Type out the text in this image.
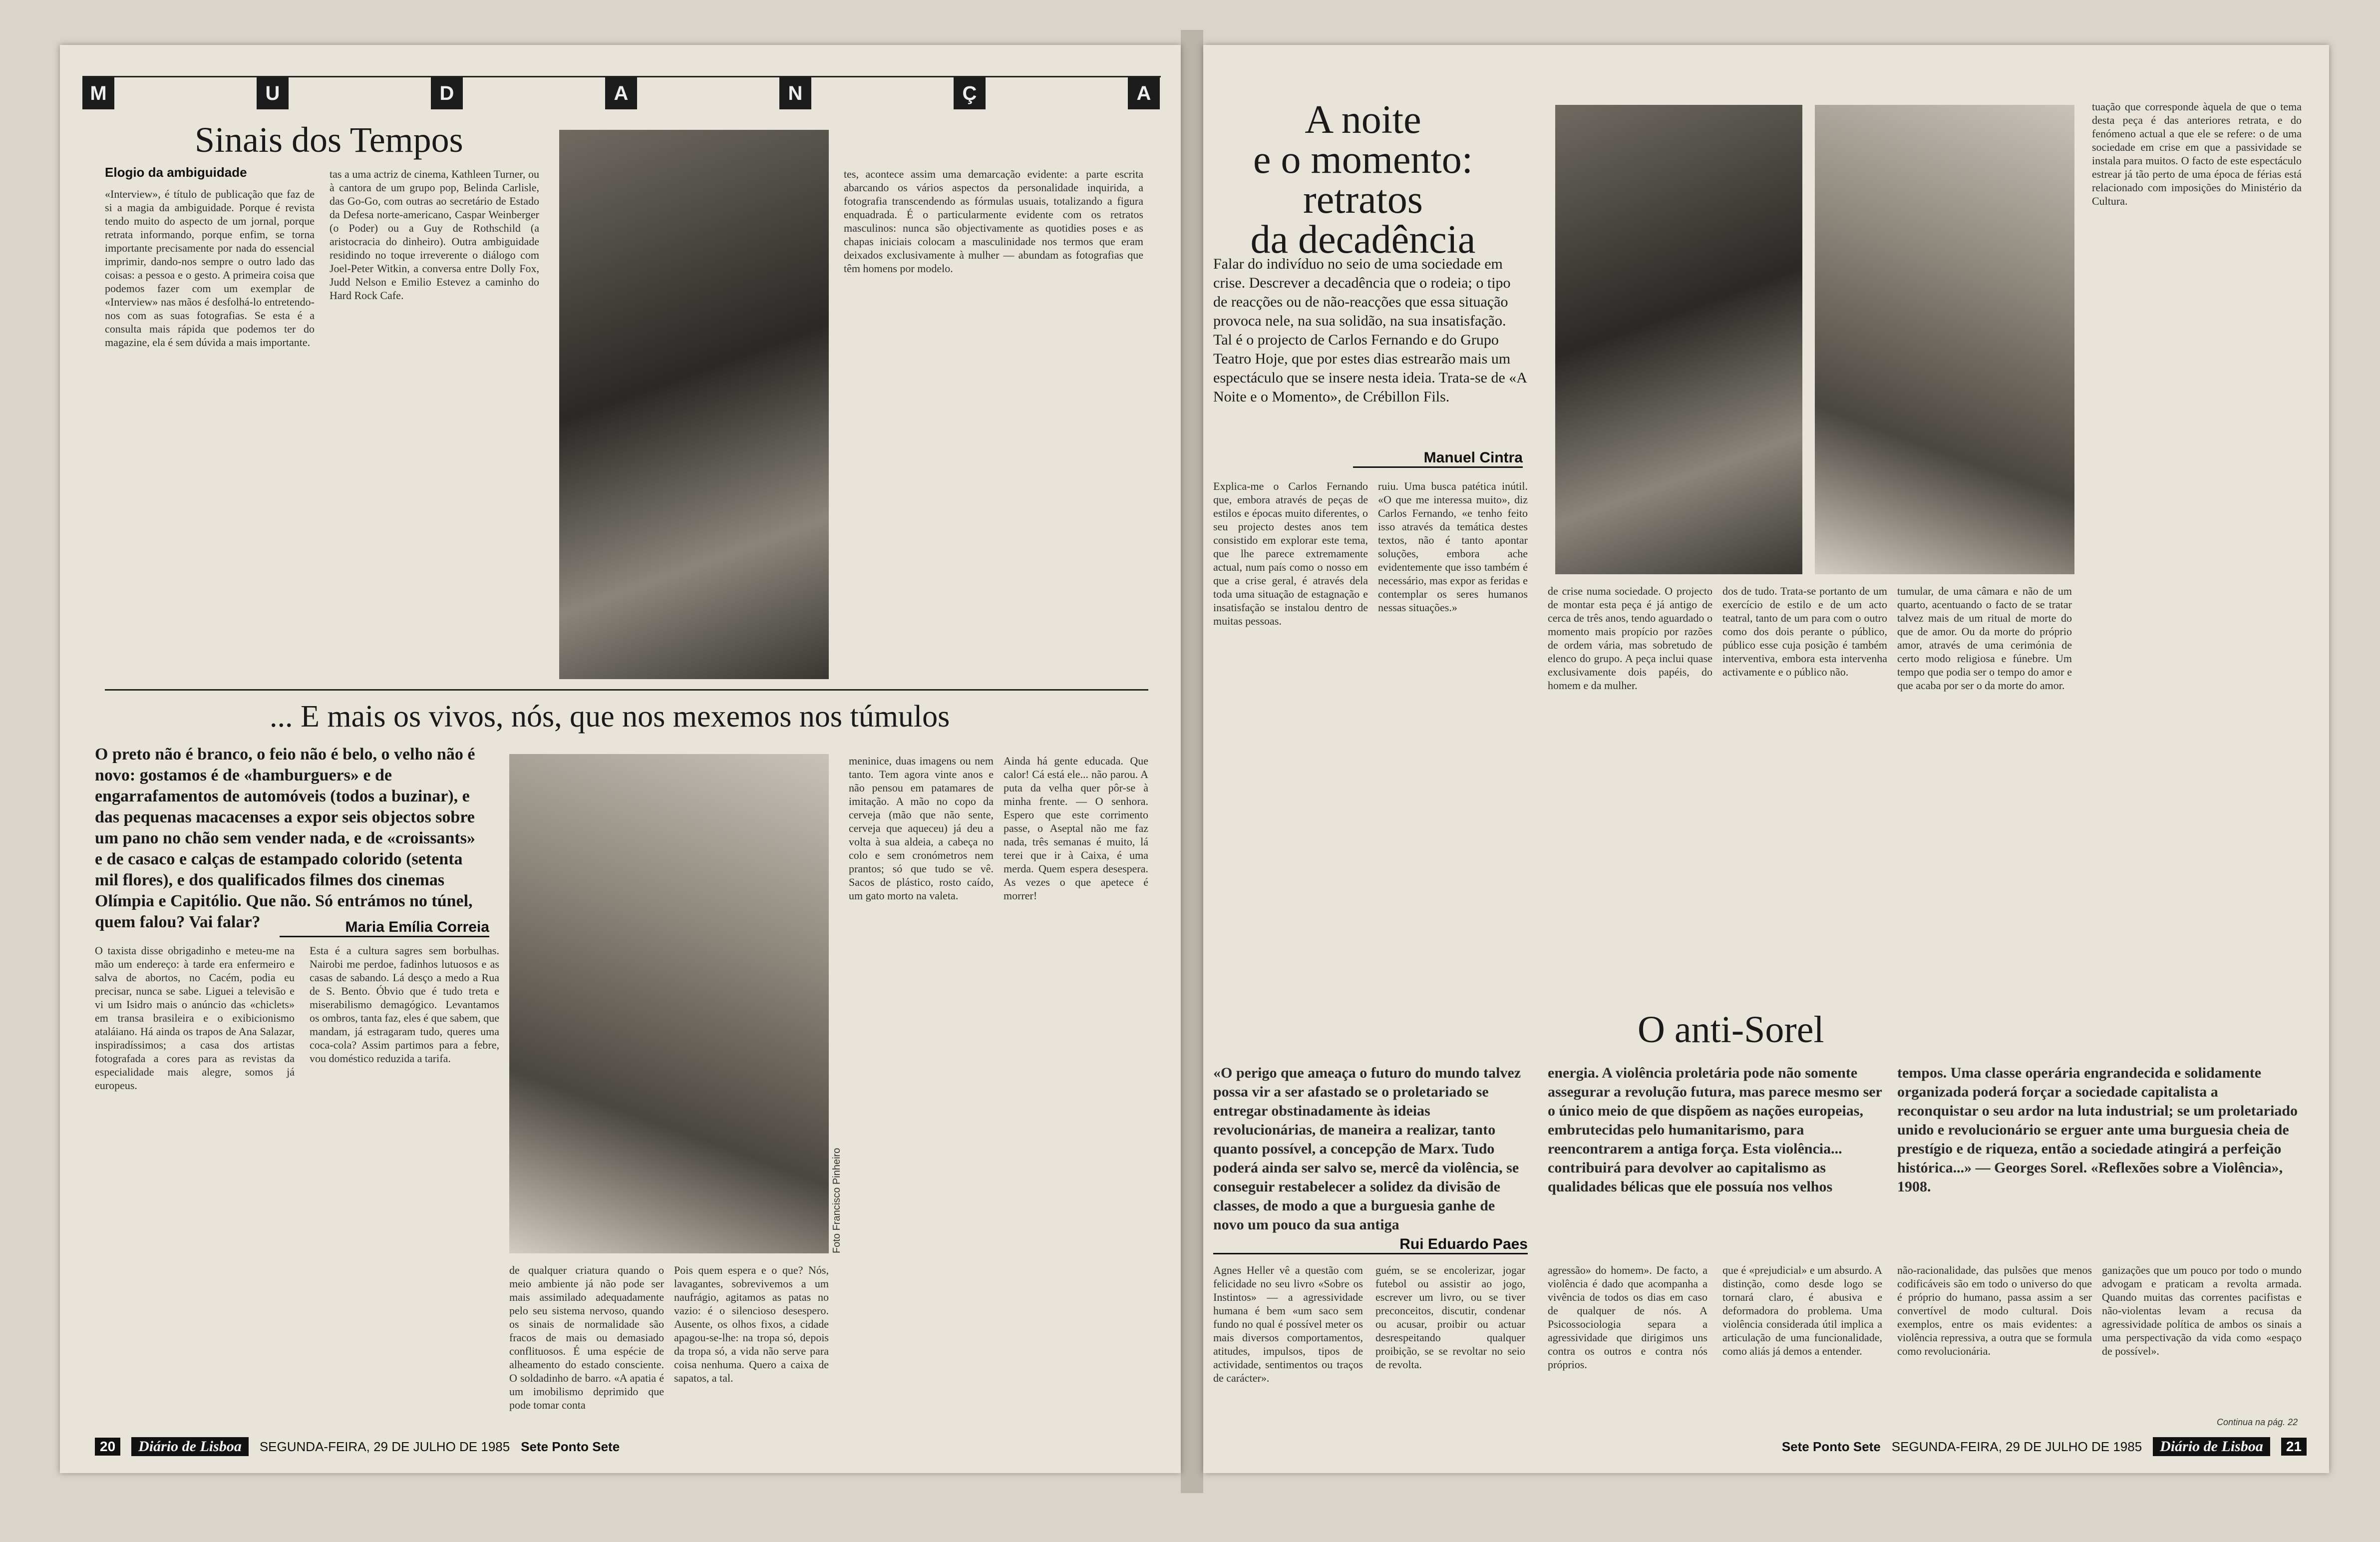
M	U	D	A	N	Ç	A
Sinais dos Tempos
Elogio da ambiguidade
«Interview», é título de publicação que faz de si a magia da ambiguidade. Porque é revista tendo muito do aspecto de um jornal, porque retrata informando, porque enfim, se torna importante precisamente por nada do essencial imprimir, dando-nos sempre o outro lado das coisas: a pessoa e o gesto. A primeira coisa que podemos fazer com um exemplar de «Interview» nas mãos é desfolhá-lo entretendo-nos com as suas fotografias. Se esta é a consulta mais rápida que podemos ter do magazine, ela é sem dúvida a mais importante.
tas a uma actriz de cinema, Kathleen Turner, ou à cantora de um grupo pop, Belinda Carlisle, das Go-Go, com outras ao secretário de Estado da Defesa norte-americano, Caspar Weinberger (o Poder) ou a Guy de Rothschild (a aristocracia do dinheiro). Outra ambiguidade residindo no toque irreverente o diálogo com Joel-Peter Witkin, a conversa entre Dolly Fox, Judd Nelson e Emilio Estevez a caminho do Hard Rock Cafe.
tes, acontece assim uma demarcação evidente: a parte escrita abarcando os vários aspectos da personalidade inquirida, a fotografia transcendendo as fórmulas usuais, totalizando a figura enquadrada. É o particularmente evidente com os retratos masculinos: nunca são objectivamente as quotidies poses e as chapas iniciais colocam a masculinidade nos termos que eram deixados exclusivamente à mulher — abundam as fotografias que têm homens por modelo.
... E mais os vivos, nós, que nos mexemos nos túmulos
O preto não é branco, o feio não é belo, o velho não é novo: gostamos é de «hamburguers» e de engarrafamentos de automóveis (todos a buzinar), e das pequenas macacenses a expor seis objectos sobre um pano no chão sem vender nada, e de «croissants» e de casaco e calças de estampado colorido (setenta mil flores), e dos qualificados filmes dos cinemas Olímpia e Capitólio. Que não. Só entrámos no túnel, quem falou? Vai falar?	Maria Emília Correia
O taxista disse obrigadinho e meteu-me na mão um endereço: à tarde era enfermeiro e salva de abortos, no Cacém, podia eu precisar, nunca se sabe. Liguei a televisão e vi um Isidro mais o anúncio das «chiclets» em transa brasileira e o exibicionismo ataláiano. Há ainda os trapos de Ana Salazar, inspiradíssimos; a casa dos artistas fotografada a cores para as revistas da especialidade mais alegre, somos já europeus.
Esta é a cultura sagres sem borbulhas. Nairobi me perdoe, fadinhos lutuosos e as casas de sabando. Lá desço a medo a Rua de S. Bento. Óbvio que é tudo treta e miserabilismo demagógico. Levantamos os ombros, tanta faz, eles é que sabem, que mandam, já estragaram tudo, queres uma coca-cola? Assim partimos para a febre, vou doméstico reduzida a tarifa.
Foto Francisco Pinheiro
de qualquer criatura quando o meio ambiente já não pode ser mais assimilado adequadamente pelo seu sistema nervoso, quando os sinais de normalidade são fracos de mais ou demasiado conflituosos. É uma espécie de alheamento do estado consciente. O soldadinho de barro. «A apatia é um imobilismo deprimido que pode tomar conta
Pois quem espera e o que? Nós, lavagantes, sobrevivemos a um naufrágio, agitamos as patas no vazio: é o silencioso desespero. Ausente, os olhos fixos, a cidade apagou-se-lhe: na tropa só, depois da tropa só, a vida não serve para coisa nenhuma. Quero a caixa de sapatos, a tal.
meninice, duas imagens ou nem tanto. Tem agora vinte anos e não pensou em patamares de imitação. A mão no copo da cerveja (mão que não sente, cerveja que aqueceu) já deu a volta à sua aldeia, a cabeça no colo e sem cronómetros nem prantos; só que tudo se vê. Sacos de plástico, rosto caído, um gato morto na valeta.
Ainda há gente educada. Que calor! Cá está ele... não parou. A puta da velha quer pôr-se à minha frente. — O senhora. Espero que este corrimento passe, o Aseptal não me faz nada, três semanas é muito, lá terei que ir à Caixa, é uma merda. Quem espera desespera. As vezes o que apetece é morrer!
20	Diário de Lisboa	SEGUNDA-FEIRA, 29 DE JULHO DE 1985 Sete Ponto Sete
A noite
e o momento:
retratos
da decadência
Falar do indivíduo no seio de uma sociedade em crise. Descrever a decadência que o rodeia; o tipo de reacções ou de não-reacções que essa situação provoca nele, na sua solidão, na sua insatisfação. Tal é o projecto de Carlos Fernando e do Grupo Teatro Hoje, que por estes dias estrearão mais um espectáculo que se insere nesta ideia. Trata-se de «A Noite e o Momento», de Crébillon Fils.
Manuel Cintra
Explica-me o Carlos Fernando que, embora através de peças de estilos e épocas muito diferentes, o seu projecto destes anos tem consistido em explorar este tema, que lhe parece extremamente actual, num país como o nosso em que a crise geral, é através dela toda uma situação de estagnação e insatisfação se instalou dentro de muitas pessoas.
ruiu. Uma busca patética inútil. «O que me interessa muito», diz Carlos Fernando, «e tenho feito isso através da temática destes textos, não é tanto apontar soluções, embora ache evidentemente que isso também é necessário, mas expor as feridas e contemplar os seres humanos nessas situações.»
de crise numa sociedade. O projecto de montar esta peça é já antigo de cerca de três anos, tendo aguardado o momento mais propício por razões de ordem vária, mas sobretudo de elenco do grupo. A peça inclui quase exclusivamente dois papéis, do homem e da mulher.
dos de tudo. Trata-se portanto de um exercício de estilo e de um acto teatral, tanto de um para com o outro como dos dois perante o público, público esse cuja posição é também interventiva, embora esta intervenha activamente e o público não.
tumular, de uma câmara e não de um quarto, acentuando o facto de se tratar talvez mais de um ritual de morte do que de amor. Ou da morte do próprio amor, através de uma cerimónia de certo modo religiosa e fúnebre. Um tempo que podia ser o tempo do amor e que acaba por ser o da morte do amor.
tuação que corresponde àquela de que o tema desta peça é das anteriores retrata, e do fenómeno actual a que ele se refere: o de uma sociedade em crise em que a passividade se instala para muitos. O facto de este espectáculo estrear já tão perto de uma época de férias está relacionado com imposições do Ministério da Cultura.
O anti-Sorel
«O perigo que ameaça o futuro do mundo talvez possa vir a ser afastado se o proletariado se entregar obstinadamente às ideias revolucionárias, de maneira a realizar, tanto quanto possível, a concepção de Marx. Tudo poderá ainda ser salvo se, mercê da violência, se conseguir restabelecer a solidez da divisão de classes, de modo a que a burguesia ganhe de novo um pouco da sua antiga
energia. A violência proletária pode não somente assegurar a revolução futura, mas parece mesmo ser o único meio de que dispõem as nações europeias, embrutecidas pelo humanitarismo, para reencontrarem a antiga força. Esta violência... contribuirá para devolver ao capitalismo as qualidades bélicas que ele possuía nos velhos
tempos. Uma classe operária engrandecida e solidamente organizada poderá forçar a sociedade capitalista a reconquistar o seu ardor na luta industrial; se um proletariado unido e revolucionário se erguer ante uma burguesia cheia de prestígio e de riqueza, então a sociedade atingirá a perfeição histórica...» — Georges Sorel. «Reflexões sobre a Violência», 1908.
Rui Eduardo Paes
Agnes Heller vê a questão com felicidade no seu livro «Sobre os Instintos» — a agressividade humana é bem «um saco sem fundo no qual é possível meter os mais diversos comportamentos, atitudes, impulsos, tipos de actividade, sentimentos ou traços de carácter».
guém, se se encolerizar, jogar futebol ou assistir ao jogo, escrever um livro, ou se tiver preconceitos, discutir, condenar ou acusar, proibir ou actuar desrespeitando qualquer proibição, se se revoltar no seio de revolta.
agressão» do homem». De facto, a violência é dado que acompanha a vivência de todos os dias em caso de qualquer de nós. A Psicossociologia separa a agressividade que dirigimos uns contra os outros e contra nós próprios.
que é «prejudicial» e um absurdo. A distinção, como desde logo se tornará claro, é abusiva e deformadora do problema. Uma violência considerada útil implica a articulação de uma funcionalidade, como aliás já demos a entender.
não-racionalidade, das pulsões que menos codificáveis são em todo o universo do que é próprio do humano, passa assim a ser convertível de modo cultural. Dois exemplos, entre os mais evidentes: a violência repressiva, a outra que se formula como revolucionária.
ganizações que um pouco por todo o mundo advogam e praticam a revolta armada. Quando muitas das correntes pacifistas e não-violentas levam a recusa da agressividade política de ambos os sinais a uma perspectivação da vida como «espaço de possível».
Continua na pág. 22
Sete Ponto Sete SEGUNDA-FEIRA, 29 DE JULHO DE 1985	Diário de Lisboa	21
